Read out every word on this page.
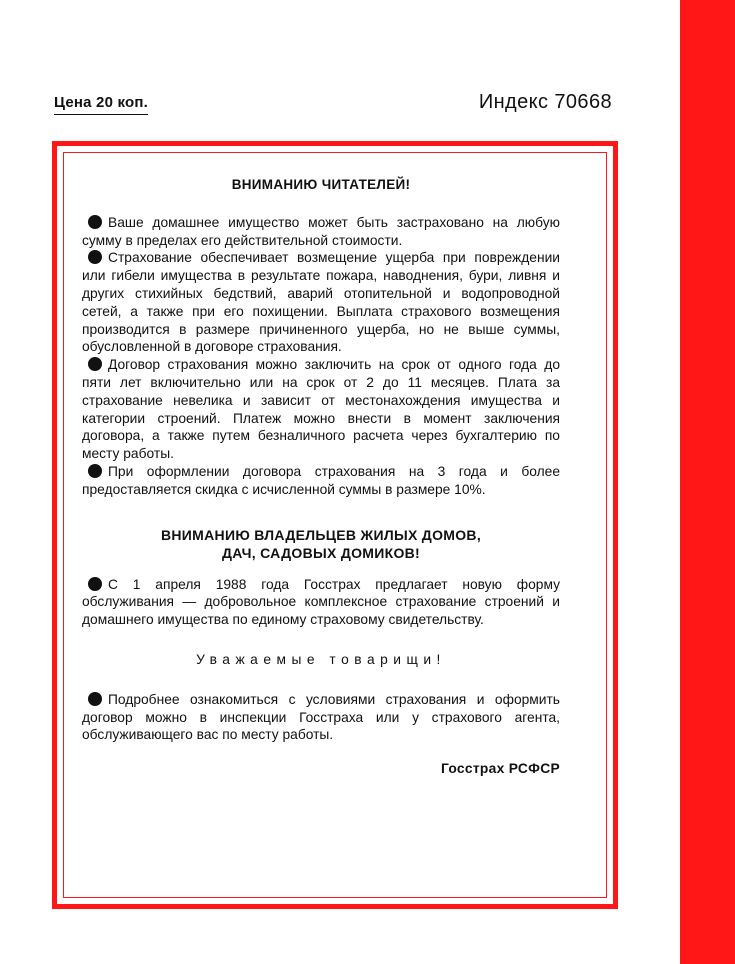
Цена 20 коп.	Индекс 70668
ВНИМАНИЮ ЧИТАТЕЛЕЙ!

Ваше домашнее имущество может быть застраховано на любую сумму в пределах его действительной стоимости.

Страхование обеспечивает возмещение ущерба при повреждении или гибели имущества в результате пожара, наводнения, бури, ливня и других стихийных бедствий, аварий отопительной и водопроводной сетей, а также при его похищении. Выплата страхового возмещения производится в размере причиненного ущерба, но не выше суммы, обусловленной в договоре страхования.

Договор страхования можно заключить на срок от одного года до пяти лет включительно или на срок от 2 до 11 месяцев. Плата за страхование невелика и зависит от местонахождения имущества и категории строений. Платеж можно внести в момент заключения договора, а также путем безналичного расчета через бухгалтерию по месту работы.

При оформлении договора страхования на 3 года и более предоставляется скидка с исчисленной суммы в размере 10%.

ВНИМАНИЮ ВЛАДЕЛЬЦЕВ ЖИЛЫХ ДОМОВ,
ДАЧ, САДОВЫХ ДОМИКОВ!

С 1 апреля 1988 года Госстрах предлагает новую форму обслуживания — добровольное комплексное страхование строений и домашнего имущества по единому страховому свидетельству.

Уважаемые товарищи!

Подробнее ознакомиться с условиями страхования и оформить договор можно в инспекции Госстраха или у страхового агента, обслуживающего вас по месту работы.

Госстрах РСФСР
